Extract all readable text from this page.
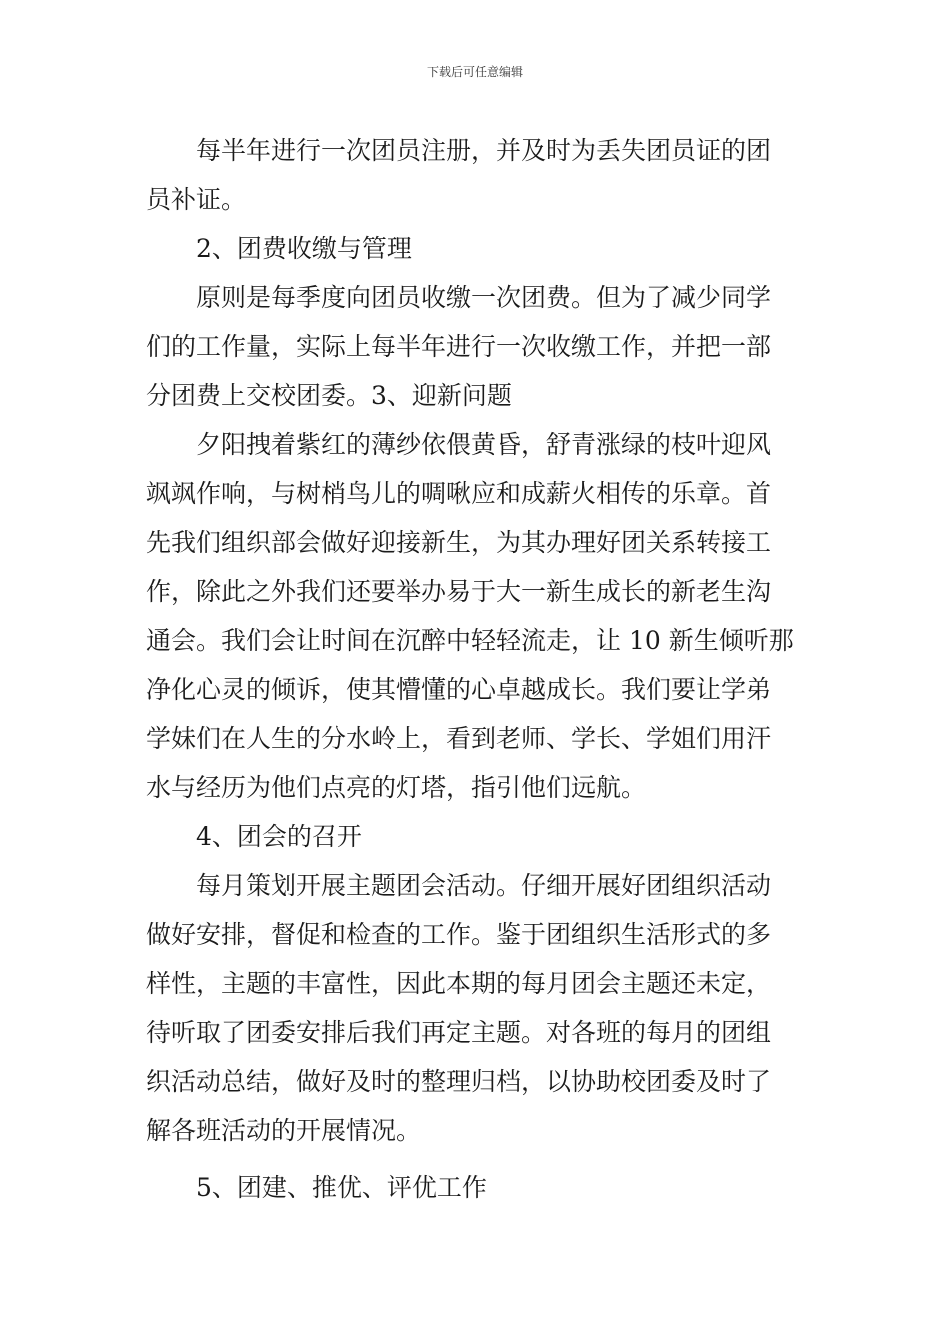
下载后可任意编辑
每半年进行一次团员注册，并及时为丢失团员证的团
员补证。
2、团费收缴与管理
原则是每季度向团员收缴一次团费。但为了减少同学
们的工作量，实际上每半年进行一次收缴工作，并把一部
分团费上交校团委。3、迎新问题
夕阳拽着紫红的薄纱依偎黄昏，舒青涨绿的枝叶迎风
飒飒作响，与树梢鸟儿的啁啾应和成薪火相传的乐章。首
先我们组织部会做好迎接新生，为其办理好团关系转接工
作，除此之外我们还要举办易于大一新生成长的新老生沟
通会。我们会让时间在沉醉中轻轻流走，让 10 新生倾听那
净化心灵的倾诉，使其懵懂的心卓越成长。我们要让学弟
学妹们在人生的分水岭上，看到老师、学长、学姐们用汗
水与经历为他们点亮的灯塔，指引他们远航。
4、团会的召开
每月策划开展主题团会活动。仔细开展好团组织活动
做好安排，督促和检查的工作。鉴于团组织生活形式的多
样性，主题的丰富性，因此本期的每月团会主题还未定，
待听取了团委安排后我们再定主题。对各班的每月的团组
织活动总结，做好及时的整理归档，以协助校团委及时了
解各班活动的开展情况。
5、团建、推优、评优工作
